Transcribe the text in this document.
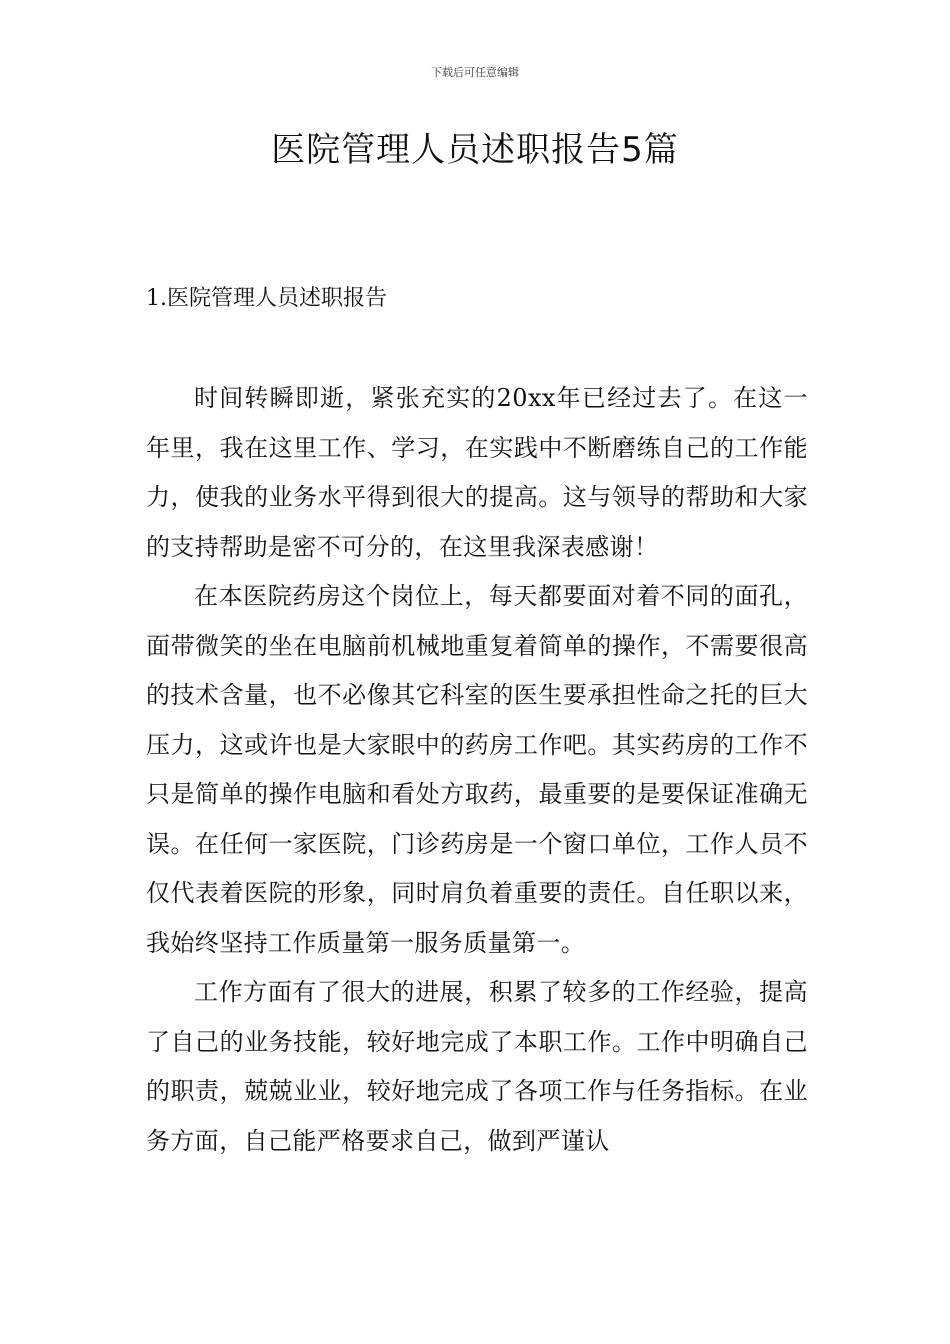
下载后可任意编辑
医院管理人员述职报告5篇
1.医院管理人员述职报告

时间转瞬即逝，紧张充实的20xx年已经过去了。在这一年里，我在这里工作、学习，在实践中不断磨练自己的工作能力，使我的业务水平得到很大的提高。这与领导的帮助和大家的支持帮助是密不可分的，在这里我深表感谢！

在本医院药房这个岗位上，每天都要面对着不同的面孔，面带微笑的坐在电脑前机械地重复着简单的操作，不需要很高的技术含量，也不必像其它科室的医生要承担性命之托的巨大压力，这或许也是大家眼中的药房工作吧。其实药房的工作不只是简单的操作电脑和看处方取药，最重要的是要保证准确无误。在任何一家医院，门诊药房是一个窗口单位，工作人员不仅代表着医院的形象，同时肩负着重要的责任。自任职以来，我始终坚持工作质量第一服务质量第一。

工作方面有了很大的进展，积累了较多的工作经验，提高了自己的业务技能，较好地完成了本职工作。工作中明确自己的职责，兢兢业业，较好地完成了各项工作与任务指标。在业务方面，自己能严格要求自己，做到严谨认
